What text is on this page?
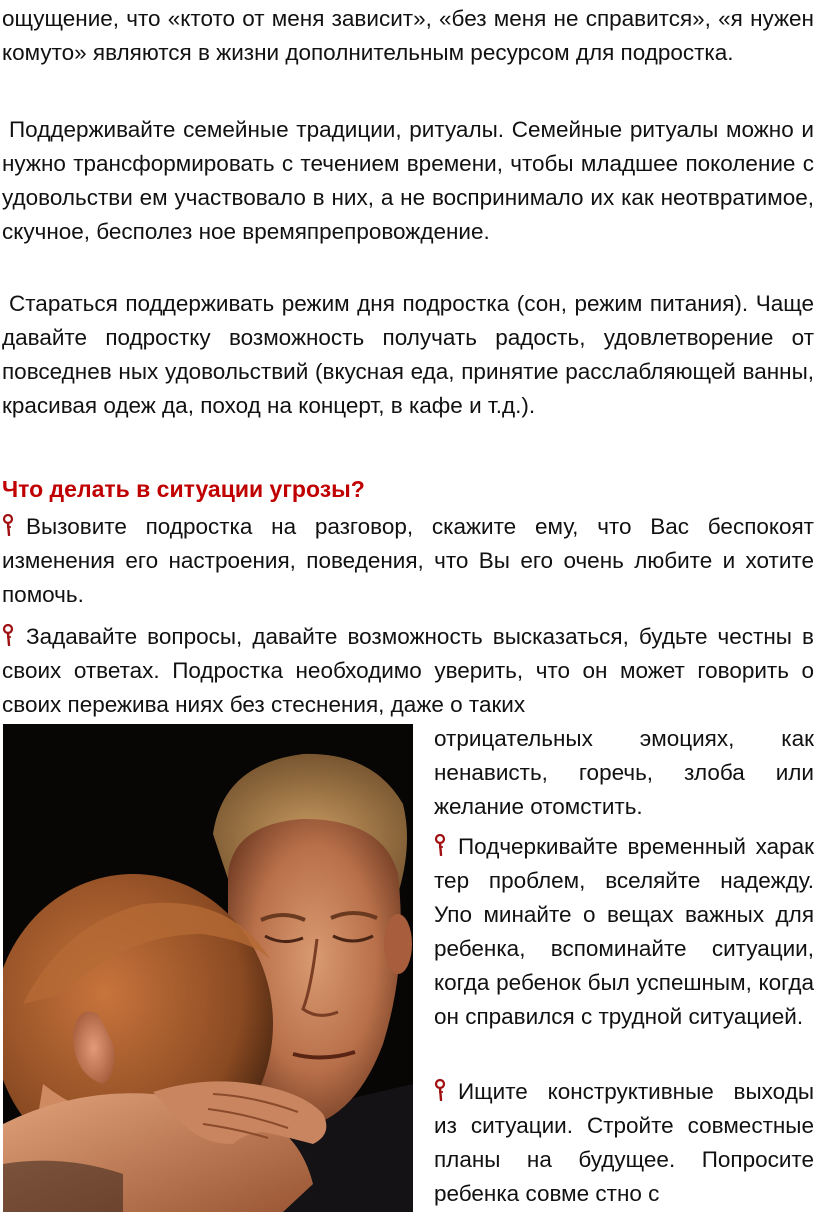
ощущение, что «ктото от меня зависит», «без меня не справится», «я нужен комуто» являются в жизни дополнительным ресурсом для подростка.

Поддерживайте семейные традиции, ритуалы. Семейные ритуалы можно и нужно трансформировать с течением времени, чтобы младшее поколение с удовольстви ем участвовало в них, а не воспринимало их как неотвратимое, скучное, бесполез ное времяпрепровождение.

Стараться поддерживать режим дня подростка (сон, режим питания). Чаще давайте подростку возможность получать радость, удовлетворение от повседнев ных удовольствий (вкусная еда, принятие расслабляющей ванны, красивая одеж да, поход на концерт, в кафе и т.д.).

Что делать в ситуации угрозы?

Вызовите подростка на разговор, скажите ему, что Вас беспокоят изменения его настроения, поведения, что Вы его очень любите и хотите помочь.

Задавайте вопросы, давайте возможность высказаться, будьте честны в своих ответах. Подростка необходимо уверить, что он может говорить о своих пережива ниях без стеснения, даже о таких

отрицательных эмоциях, как ненависть, горечь, злоба или желание отомстить.

Подчеркивайте временный харак тер проблем, вселяйте надежду. Упо минайте о вещах важных для ребенка, вспоминайте ситуации, когда ребенок был успешным, когда он справился с трудной ситуацией.

Ищите конструктивные выходы из ситуации. Стройте совместные планы на будущее. Попросите ребенка совме стно с
